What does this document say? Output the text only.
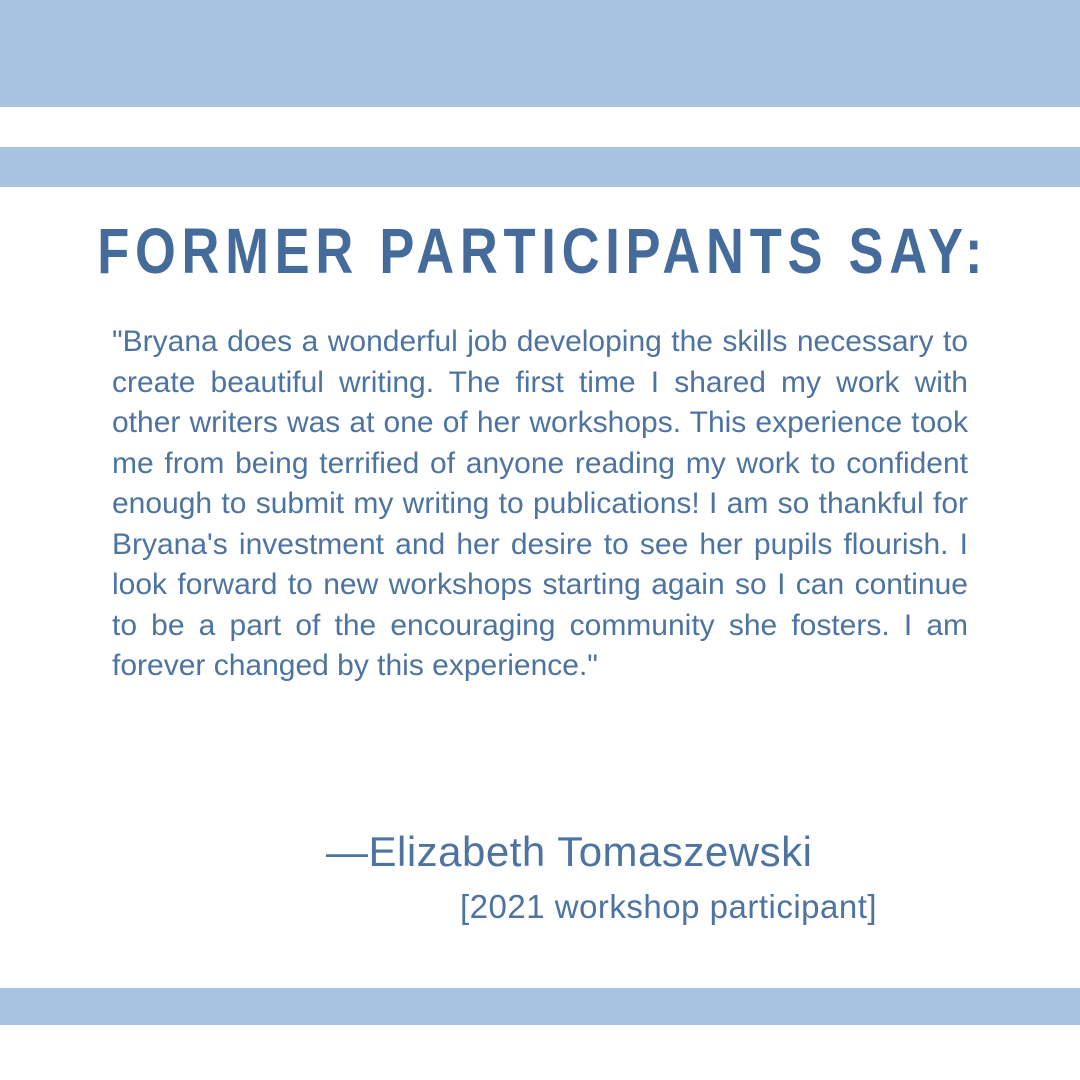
FORMER PARTICIPANTS SAY:

"Bryana does a wonderful job developing the skills necessary to create beautiful writing. The first time I shared my work with other writers was at one of her workshops. This experience took me from being terrified of anyone reading my work to confident enough to submit my writing to publications! I am so thankful for Bryana's investment and her desire to see her pupils flourish. I look forward to new workshops starting again so I can continue to be a part of the encouraging community she fosters. I am forever changed by this experience."

—Elizabeth Tomaszewski
[2021 workshop participant]
